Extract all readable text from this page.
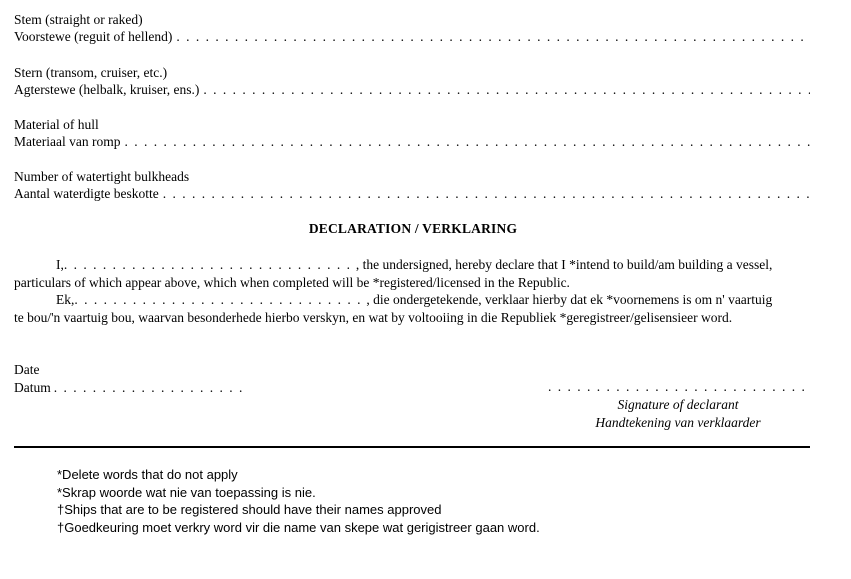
Stem (straight or raked)
Voorstewe (reguit of hellend)
. . .
Stern (transom, cruiser, etc.)
Agterstewe (helbalk, kruiser, ens.)
. . .
Material of hull
Materiaal van romp
. . .
Number of watertight bulkheads
Aantal waterdigte beskotte
. . .
DECLARATION / VERKLARING
I, . . .	, the undersigned, hereby declare that I *intend to build/am building a vessel,
particulars of which appear above, which when completed will be *registered/licensed in the Republic.
Ek, . . .	, die ondergetekende, verklaar hierby dat ek *voornemens is om n' vaartuig
te bou/'n vaartuig bou, waarvan besonderhede hierbo verskyn, en wat by voltooiing in die Republiek *geregistreer/gelisensieer word.
Date
Datum
. . .
. . .
Signature of declarant
Handtekening van verklaarder
*Delete words that do not apply
*Skrap woorde wat nie van toepassing is nie.
†Ships that are to be registered should have their names approved
†Goedkeuring moet verkry word vir die name van skepe wat gerigistreer gaan word.
